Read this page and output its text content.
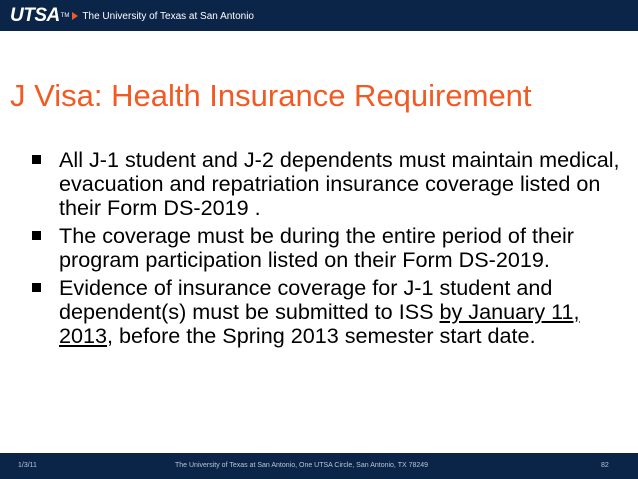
UTSA TM The University of Texas at San Antonio
J Visa: Health Insurance Requirement
All J-1 student and J-2 dependents must maintain medical, evacuation and repatriation insurance coverage listed on their Form DS-2019 .
The coverage must be during the entire period of their program participation listed on their Form DS-2019.
Evidence of insurance coverage for J-1 student and dependent(s) must be submitted to ISS by January 11, 2013, before the Spring 2013 semester start date.
1/3/11	The University of Texas at San Antonio, One UTSA Circle, San Antonio, TX 78249	82
